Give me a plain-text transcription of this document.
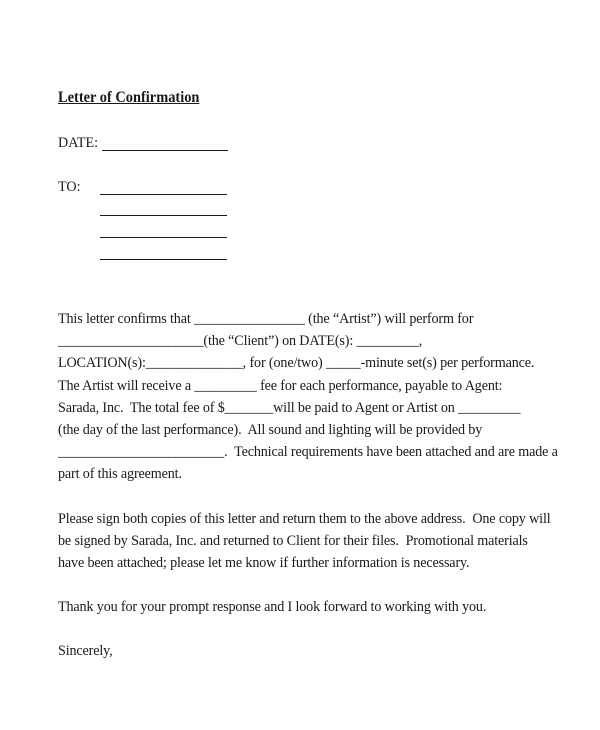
Letter of Confirmation
DATE:
TO:
This letter confirms that ________________ (the “Artist”) will perform for
_____________________(the “Client”) on DATE(s): _________,
LOCATION(s):______________, for (one/two) _____-minute set(s) per performance.
The Artist will receive a _________ fee for each performance, payable to Agent:
Sarada, Inc.  The total fee of $_______will be paid to Agent or Artist on _________
(the day of the last performance).  All sound and lighting will be provided by
________________________.  Technical requirements have been attached and are made a
part of this agreement.
Please sign both copies of this letter and return them to the above address.  One copy will
be signed by Sarada, Inc. and returned to Client for their files.  Promotional materials
have been attached; please let me know if further information is necessary.
Thank you for your prompt response and I look forward to working with you.
Sincerely,
